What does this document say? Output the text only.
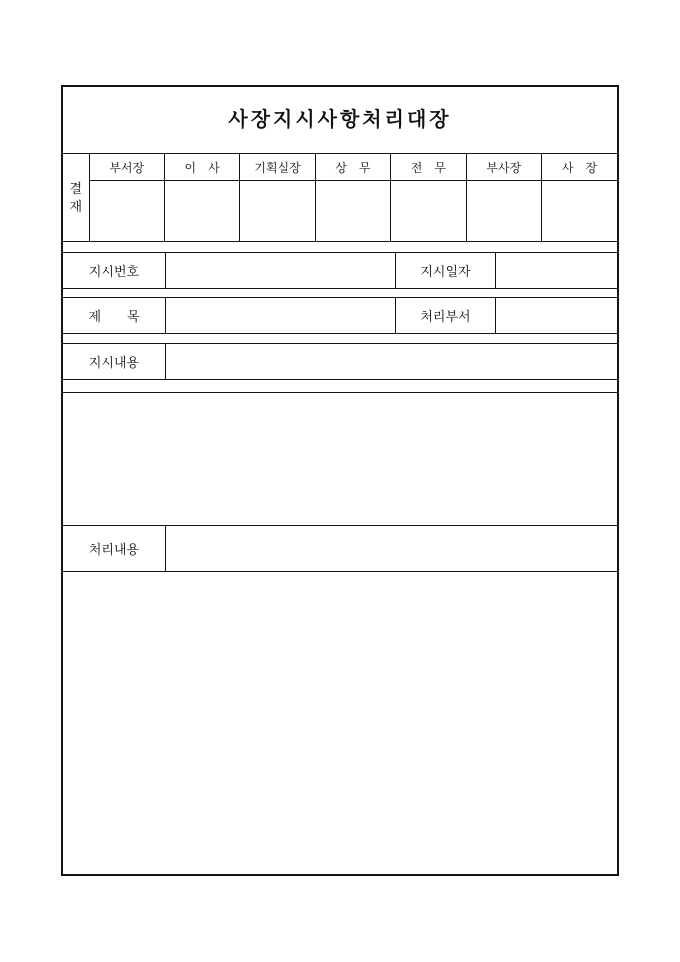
사장지시사항처리대장

결
재	부서장	이　사	기획실장	상　무	전　무	부사장	사　장

지시번호	지시일자
제　　목	처리부서
지시내용
처리내용
